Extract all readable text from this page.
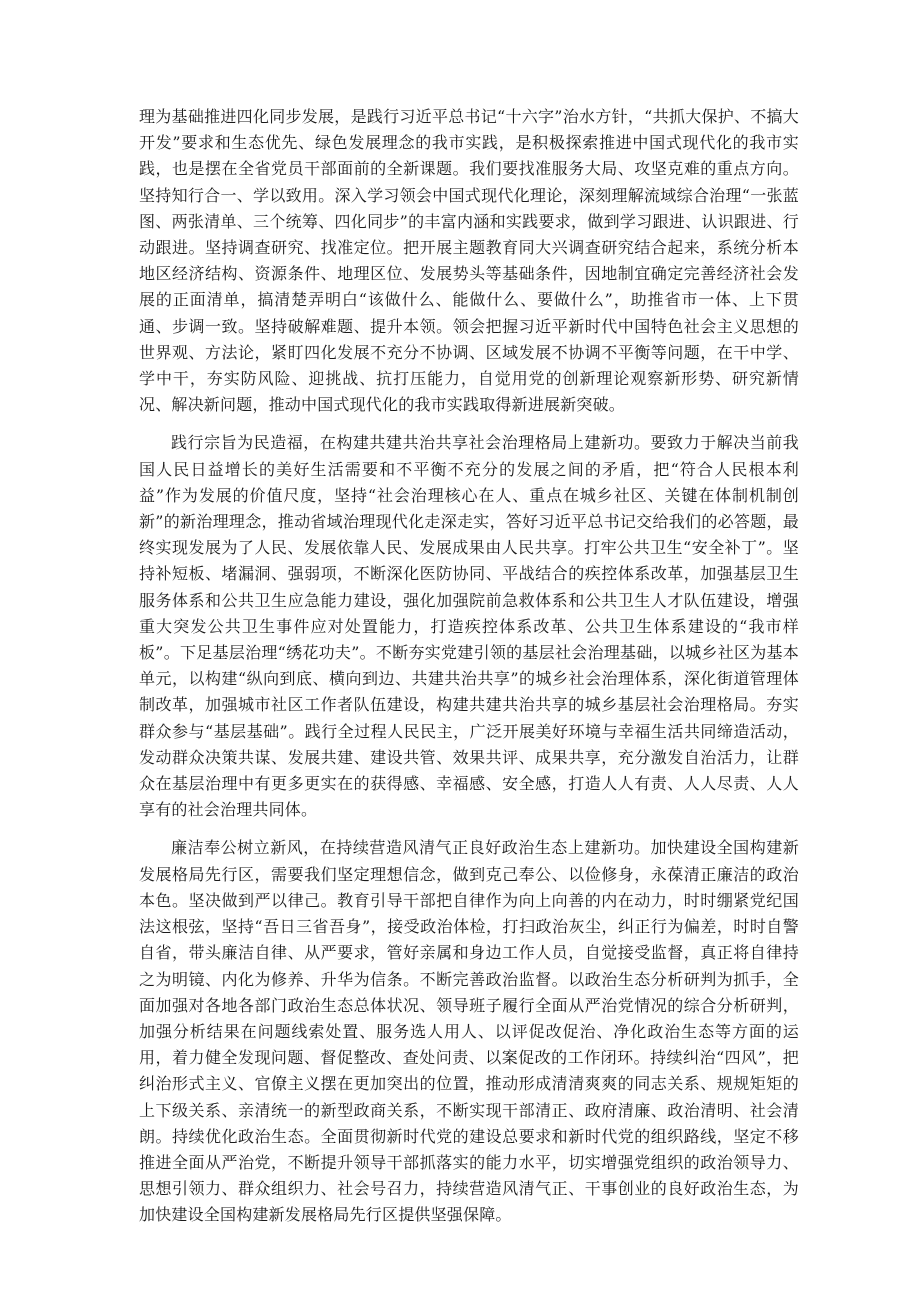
理为基础推进四化同步发展，是践行习近平总书记“十六字”治水方针，“共抓大保护、不搞大开发”要求和生态优先、绿色发展理念的我市实践，是积极探索推进中国式现代化的我市实践，也是摆在全省党员干部面前的全新课题。我们要找准服务大局、攻坚克难的重点方向。坚持知行合一、学以致用。深入学习领会中国式现代化理论，深刻理解流域综合治理“一张蓝图、两张清单、三个统筹、四化同步”的丰富内涵和实践要求，做到学习跟进、认识跟进、行动跟进。坚持调查研究、找准定位。把开展主题教育同大兴调查研究结合起来，系统分析本地区经济结构、资源条件、地理区位、发展势头等基础条件，因地制宜确定完善经济社会发展的正面清单，搞清楚弄明白“该做什么、能做什么、要做什么”，助推省市一体、上下贯通、步调一致。坚持破解难题、提升本领。领会把握习近平新时代中国特色社会主义思想的世界观、方法论，紧盯四化发展不充分不协调、区域发展不协调不平衡等问题，在干中学、学中干，夯实防风险、迎挑战、抗打压能力，自觉用党的创新理论观察新形势、研究新情况、解决新问题，推动中国式现代化的我市实践取得新进展新突破。

践行宗旨为民造福，在构建共建共治共享社会治理格局上建新功。要致力于解决当前我国人民日益增长的美好生活需要和不平衡不充分的发展之间的矛盾，把“符合人民根本利益”作为发展的价值尺度，坚持“社会治理核心在人、重点在城乡社区、关键在体制机制创新”的新治理理念，推动省域治理现代化走深走实，答好习近平总书记交给我们的必答题，最终实现发展为了人民、发展依靠人民、发展成果由人民共享。打牢公共卫生“安全补丁”。坚持补短板、堵漏洞、强弱项，不断深化医防协同、平战结合的疾控体系改革，加强基层卫生服务体系和公共卫生应急能力建设，强化加强院前急救体系和公共卫生人才队伍建设，增强重大突发公共卫生事件应对处置能力，打造疾控体系改革、公共卫生体系建设的“我市样板”。下足基层治理“绣花功夫”。不断夯实党建引领的基层社会治理基础，以城乡社区为基本单元，以构建“纵向到底、横向到边、共建共治共享”的城乡社会治理体系，深化街道管理体制改革，加强城市社区工作者队伍建设，构建共建共治共享的城乡基层社会治理格局。夯实群众参与“基层基础”。践行全过程人民民主，广泛开展美好环境与幸福生活共同缔造活动，发动群众决策共谋、发展共建、建设共管、效果共评、成果共享，充分激发自治活力，让群众在基层治理中有更多更实在的获得感、幸福感、安全感，打造人人有责、人人尽责、人人享有的社会治理共同体。

廉洁奉公树立新风，在持续营造风清气正良好政治生态上建新功。加快建设全国构建新发展格局先行区，需要我们坚定理想信念，做到克己奉公、以俭修身，永葆清正廉洁的政治本色。坚决做到严以律己。教育引导干部把自律作为向上向善的内在动力，时时绷紧党纪国法这根弦，坚持“吾日三省吾身”，接受政治体检，打扫政治灰尘，纠正行为偏差，时时自警自省，带头廉洁自律、从严要求，管好亲属和身边工作人员，自觉接受监督，真正将自律持之为明镜、内化为修养、升华为信条。不断完善政治监督。以政治生态分析研判为抓手，全面加强对各地各部门政治生态总体状况、领导班子履行全面从严治党情况的综合分析研判，加强分析结果在问题线索处置、服务选人用人、以评促改促治、净化政治生态等方面的运用，着力健全发现问题、督促整改、查处问责、以案促改的工作闭环。持续纠治“四风”，把纠治形式主义、官僚主义摆在更加突出的位置，推动形成清清爽爽的同志关系、规规矩矩的上下级关系、亲清统一的新型政商关系，不断实现干部清正、政府清廉、政治清明、社会清朗。持续优化政治生态。全面贯彻新时代党的建设总要求和新时代党的组织路线，坚定不移推进全面从严治党，不断提升领导干部抓落实的能力水平，切实增强党组织的政治领导力、思想引领力、群众组织力、社会号召力，持续营造风清气正、干事创业的良好政治生态，为加快建设全国构建新发展格局先行区提供坚强保障。
